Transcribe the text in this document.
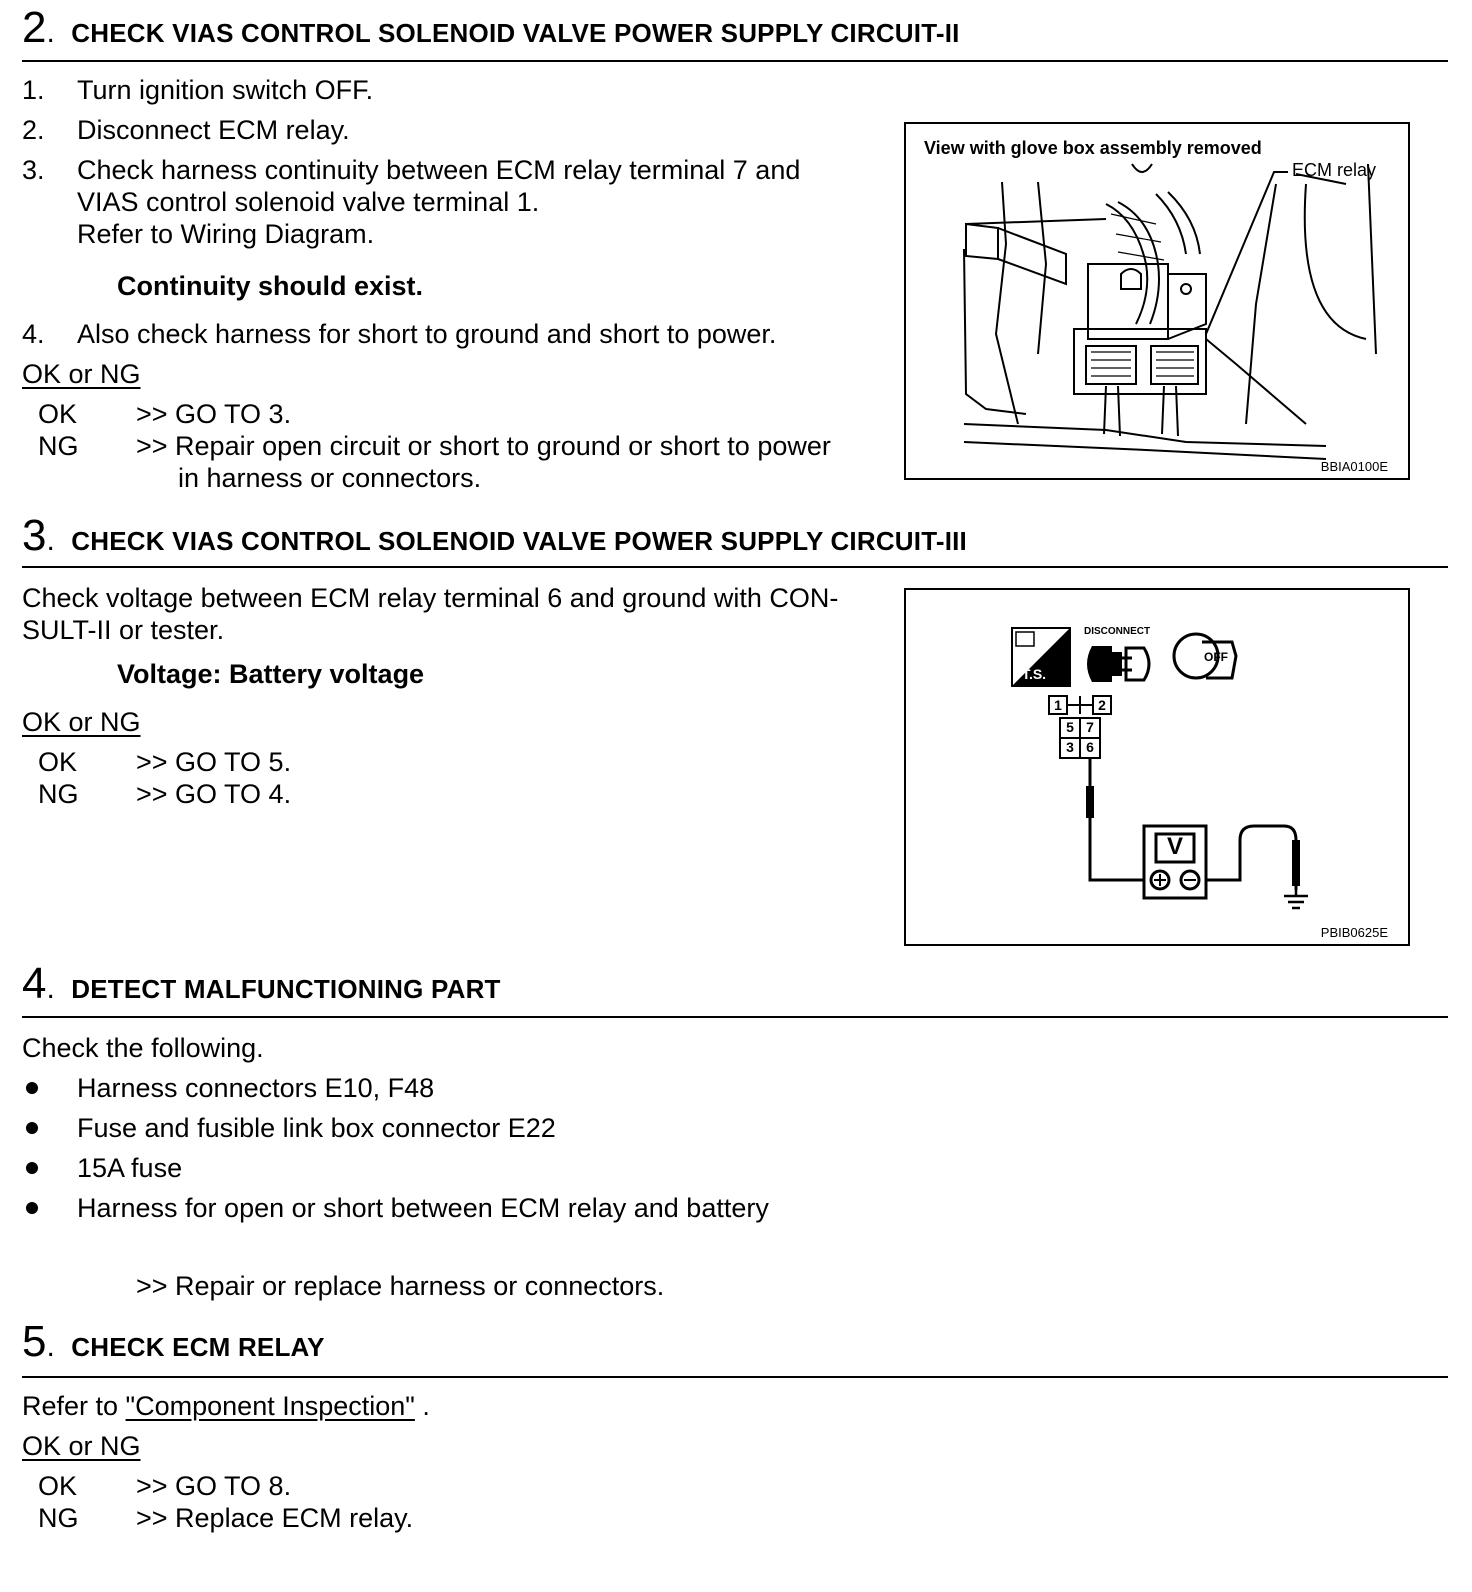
2. CHECK VIAS CONTROL SOLENOID VALVE POWER SUPPLY CIRCUIT-II
1. Turn ignition switch OFF.
2. Disconnect ECM relay.
3. Check harness continuity between ECM relay terminal 7 and
VIAS control solenoid valve terminal 1.
Refer to Wiring Diagram.
Continuity should exist.
4. Also check harness for short to ground and short to power.
OK or NG
OK >> GO TO 3.
NG >> Repair open circuit or short to ground or short to power
in harness or connectors.
View with glove box assembly removed
ECM relay
BBIA0100E
3. CHECK VIAS CONTROL SOLENOID VALVE POWER SUPPLY CIRCUIT-III
Check voltage between ECM relay terminal 6 and ground with CON-
SULT-II or tester.
Voltage: Battery voltage
OK or NG
OK >> GO TO 5.
NG >> GO TO 4.
T.S.
DISCONNECT
OFF
1	2
5 7
3 6
V
PBIB0625E
4. DETECT MALFUNCTIONING PART
Check the following.
Harness connectors E10, F48
Fuse and fusible link box connector E22
15A fuse
Harness for open or short between ECM relay and battery
>> Repair or replace harness or connectors.
5. CHECK ECM RELAY
Refer to "Component Inspection" .
OK or NG
OK >> GO TO 8.
NG >> Replace ECM relay.
